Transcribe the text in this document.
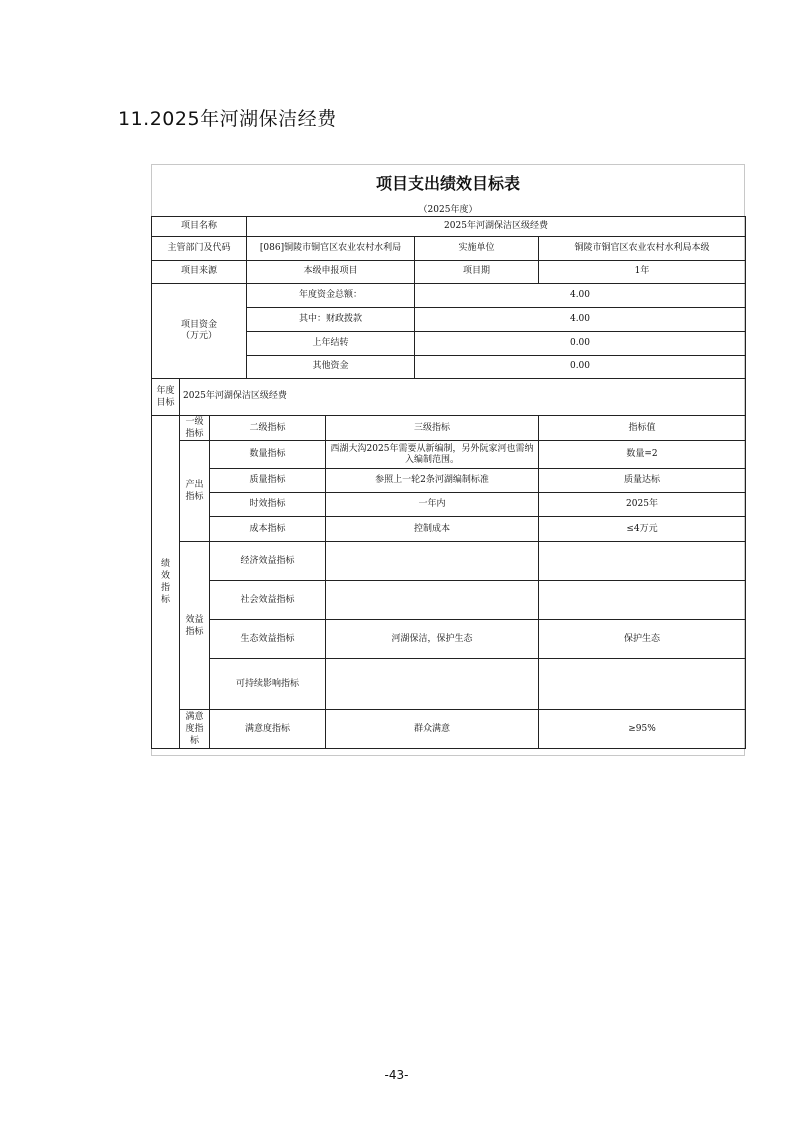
11.2025年河湖保洁经费
项目支出绩效目标表
（2025年度）
项目名称			2025年河湖保洁区级经费			
主管部门及代码			[086]铜陵市铜官区农业农村水利局		实施单位	铜陵市铜官区农业农村水利局本级
项目来源			本级申报项目		项目期	1年

项目资金
（万元）			年度资金总额：		4.00	
			其中：财政拨款		4.00	
			上年结转		0.00	
			其他资金		0.00	

年度目标	2025年河湖保洁区级经费					

绩效指标	一级指标	二级指标		三级指标		指标值

	产出指标	数量指标		西湖大沟2025年需要从新编制，另外阮家河也需纳入编制范围。		数量=2
		质量指标		参照上一轮2条河湖编制标准		质量达标
		时效指标		一年内		2025年
		成本指标		控制成本		≤4万元

	效益指标	经济效益指标				
		社会效益指标				
		生态效益指标		河湖保洁，保护生态		保护生态
		可持续影响指标				

	满意度指标	满意度指标		群众满意		≥95%
-43-
